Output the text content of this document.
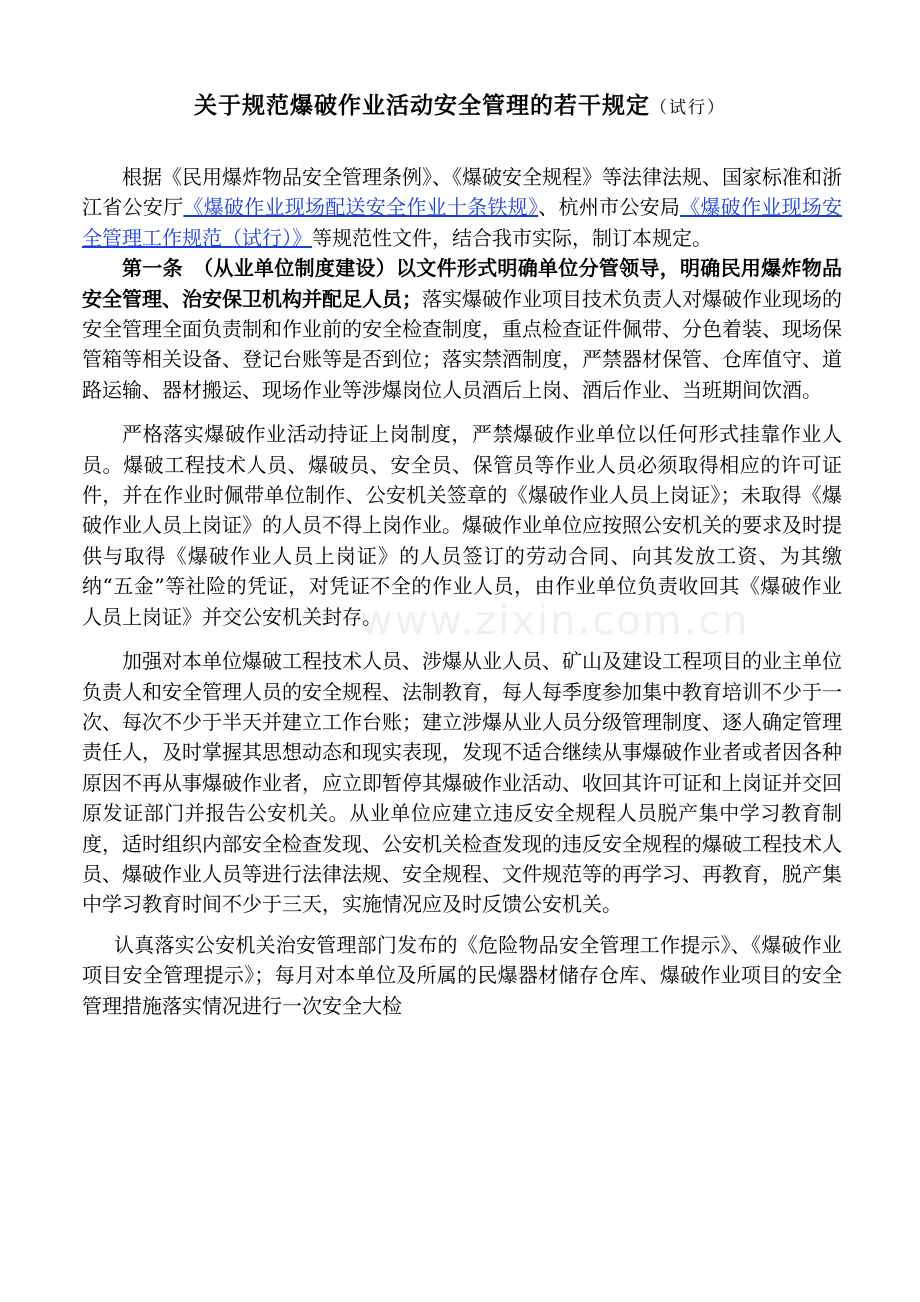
关于规范爆破作业活动安全管理的若干规定（试行）

根据《民用爆炸物品安全管理条例》、《爆破安全规程》等法律法规、国家标准和浙江省公安厅《爆破作业现场配送安全作业十条铁规》、杭州市公安局《爆破作业现场安全管理工作规范（试行）》等规范性文件，结合我市实际，制订本规定。

第一条　（从业单位制度建设）以文件形式明确单位分管领导，明确民用爆炸物品安全管理、治安保卫机构并配足人员；落实爆破作业项目技术负责人对爆破作业现场的安全管理全面负责制和作业前的安全检查制度，重点检查证件佩带、分色着装、现场保管箱等相关设备、登记台账等是否到位；落实禁酒制度，严禁器材保管、仓库值守、道路运输、器材搬运、现场作业等涉爆岗位人员酒后上岗、酒后作业、当班期间饮酒。

严格落实爆破作业活动持证上岗制度，严禁爆破作业单位以任何形式挂靠作业人员。爆破工程技术人员、爆破员、安全员、保管员等作业人员必须取得相应的许可证件，并在作业时佩带单位制作、公安机关签章的《爆破作业人员上岗证》；未取得《爆破作业人员上岗证》的人员不得上岗作业。爆破作业单位应按照公安机关的要求及时提供与取得《爆破作业人员上岗证》的人员签订的劳动合同、向其发放工资、为其缴纳“五金”等社险的凭证，对凭证不全的作业人员，由作业单位负责收回其《爆破作业人员上岗证》并交公安机关封存。

加强对本单位爆破工程技术人员、涉爆从业人员、矿山及建设工程项目的业主单位负责人和安全管理人员的安全规程、法制教育，每人每季度参加集中教育培训不少于一次、每次不少于半天并建立工作台账；建立涉爆从业人员分级管理制度、逐人确定管理责任人，及时掌握其思想动态和现实表现，发现不适合继续从事爆破作业者或者因各种原因不再从事爆破作业者，应立即暂停其爆破作业活动、收回其许可证和上岗证并交回原发证部门并报告公安机关。从业单位应建立违反安全规程人员脱产集中学习教育制度，适时组织内部安全检查发现、公安机关检查发现的违反安全规程的爆破工程技术人员、爆破作业人员等进行法律法规、安全规程、文件规范等的再学习、再教育，脱产集中学习教育时间不少于三天，实施情况应及时反馈公安机关。

认真落实公安机关治安管理部门发布的《危险物品安全管理工作提示》、《爆破作业项目安全管理提示》；每月对本单位及所属的民爆器材储存仓库、爆破作业项目的安全管理措施落实情况进行一次安全大检

www.zixin.com.cn
